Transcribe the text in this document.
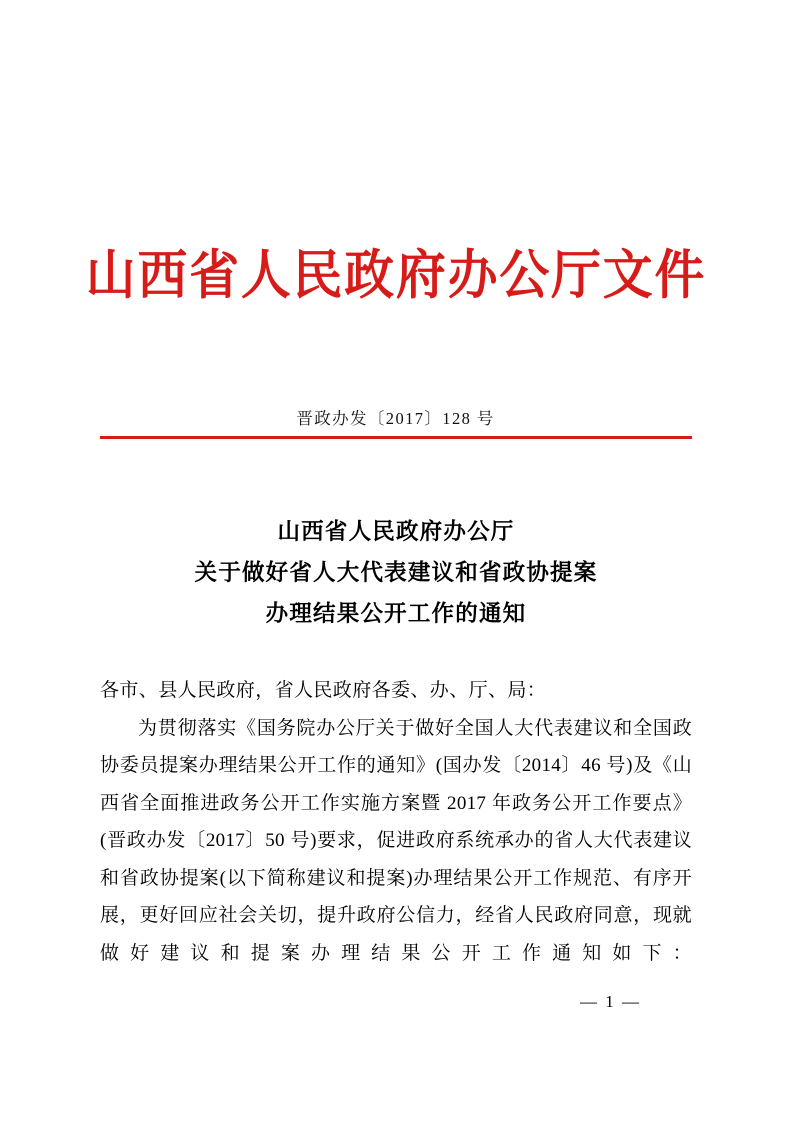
山西省人民政府办公厅文件
晋政办发〔2017〕128 号
山西省人民政府办公厅
关于做好省人大代表建议和省政协提案
办理结果公开工作的通知
各市、县人民政府，省人民政府各委、办、厅、局：
为贯彻落实《国务院办公厅关于做好全国人大代表建议和全国政协委员提案办理结果公开工作的通知》(国办发〔2014〕46 号)及《山西省全面推进政务公开工作实施方案暨 2017 年政务公开工作要点》(晋政办发〔2017〕50 号)要求，促进政府系统承办的省人大代表建议和省政协提案(以下简称建议和提案)办理结果公开工作规范、有序开展，更好回应社会关切，提升政府公信力，经省人民政府同意，现就做好建议和提案办理结果公开工作通知如下：
— 1 —
